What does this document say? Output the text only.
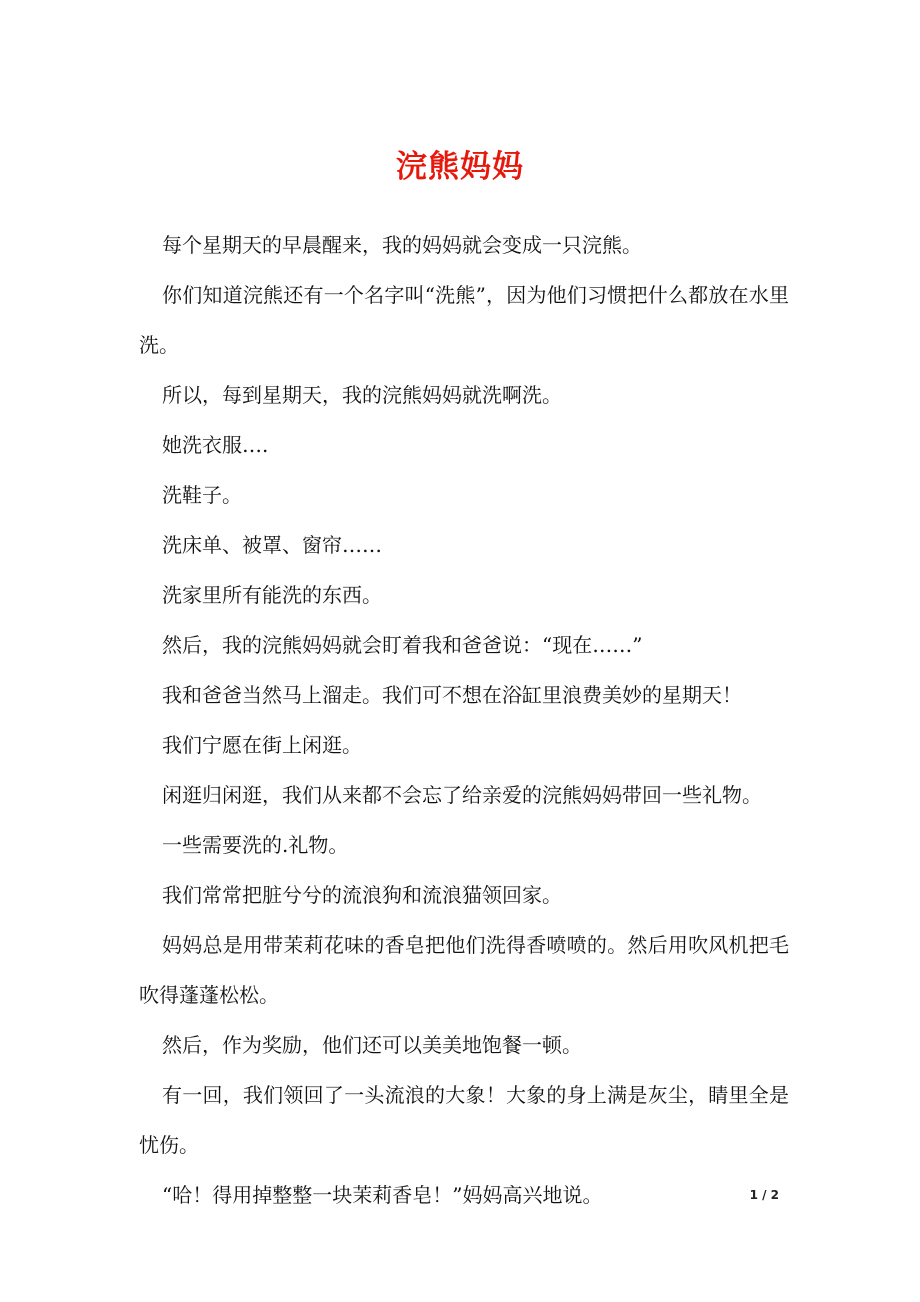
浣熊妈妈

每个星期天的早晨醒来，我的妈妈就会变成一只浣熊。

你们知道浣熊还有一个名字叫“洗熊”，因为他们习惯把什么都放在水里洗。

所以，每到星期天，我的浣熊妈妈就洗啊洗。

她洗衣服….

洗鞋子。

洗床单、被罩、窗帘……

洗家里所有能洗的东西。

然后，我的浣熊妈妈就会盯着我和爸爸说：“现在……”

我和爸爸当然马上溜走。我们可不想在浴缸里浪费美妙的星期天！

我们宁愿在街上闲逛。

闲逛归闲逛，我们从来都不会忘了给亲爱的浣熊妈妈带回一些礼物。

一些需要洗的.礼物。

我们常常把脏兮兮的流浪狗和流浪猫领回家。

妈妈总是用带茉莉花味的香皂把他们洗得香喷喷的。然后用吹风机把毛吹得蓬蓬松松。

然后，作为奖励，他们还可以美美地饱餐一顿。

有一回，我们领回了一头流浪的大象！大象的身上满是灰尘，睛里全是忧伤。

“哈！得用掉整整一块茉莉香皂！”妈妈高兴地说。	1 / 2
